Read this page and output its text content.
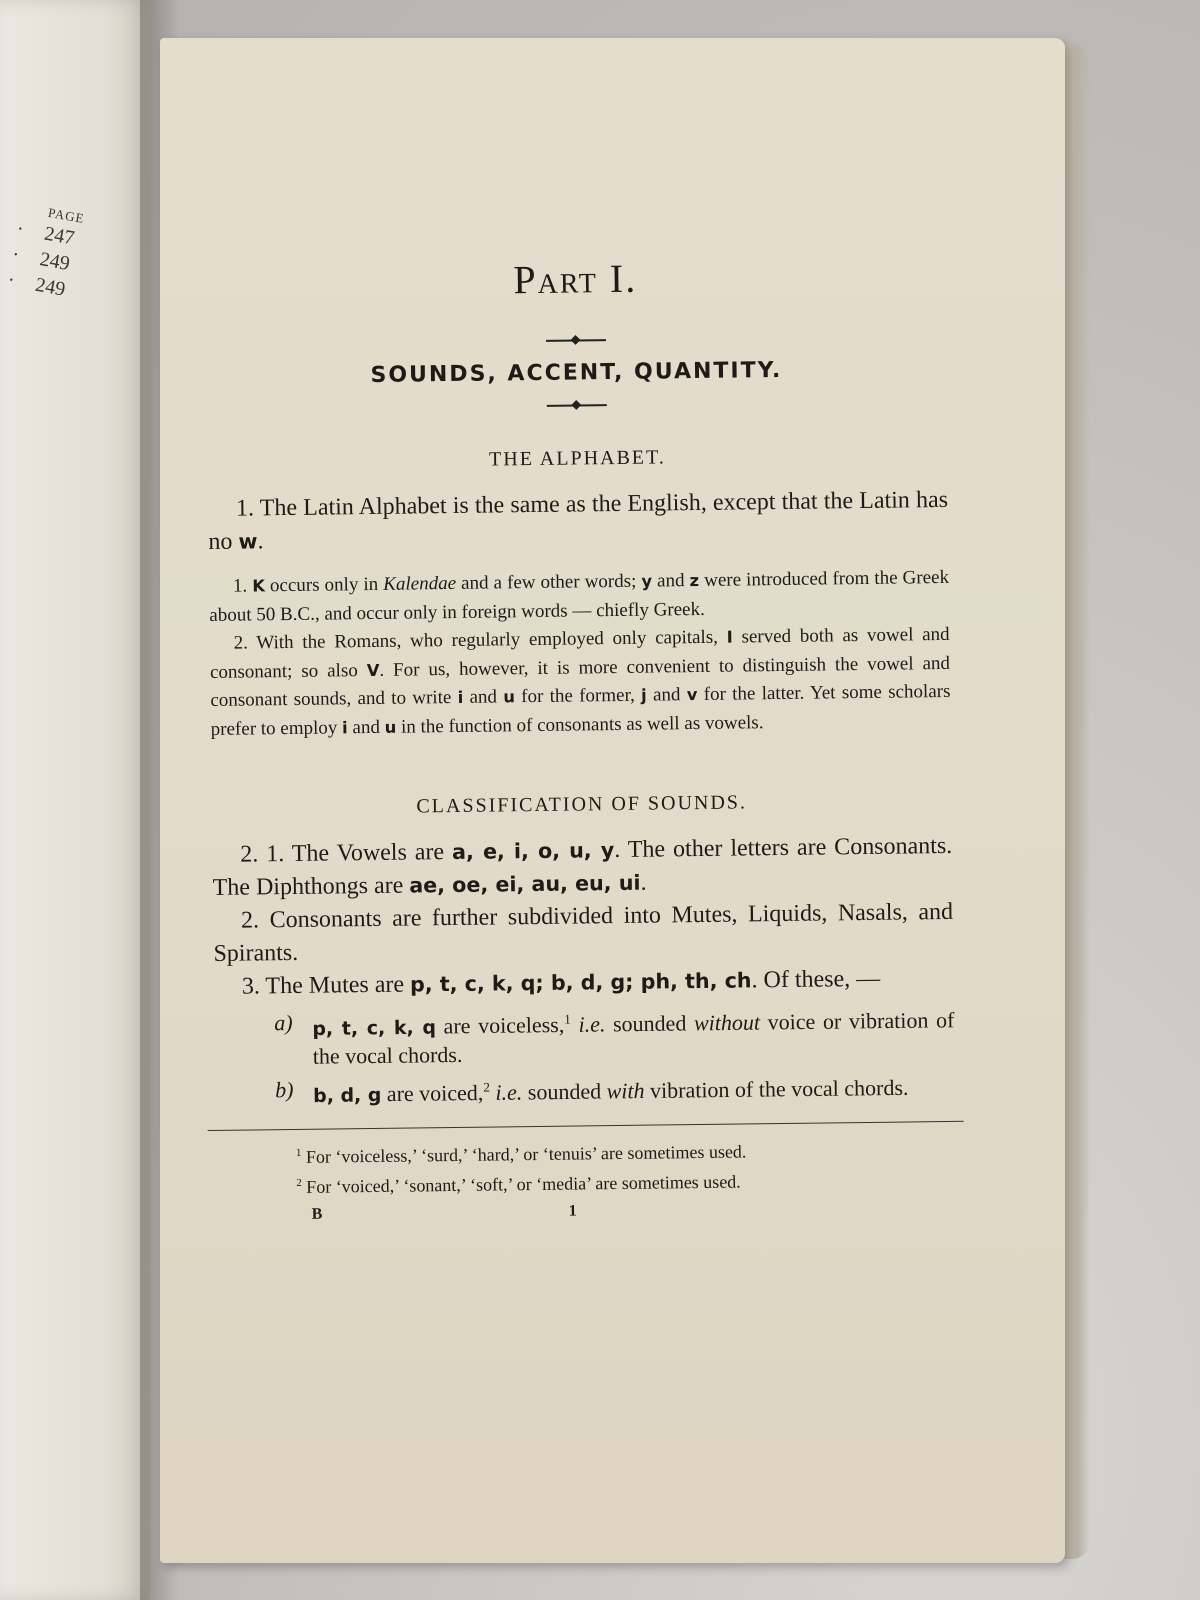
PAGE
· 247
· 249
· 249	Part I.
SOUNDS, ACCENT, QUANTITY.
THE ALPHABET.

1. The Latin Alphabet is the same as the English, except that the Latin has no w.

1. K occurs only in Kalendae and a few other words; y and z were introduced from the Greek about 50 B.C., and occur only in foreign words — chiefly Greek.

2. With the Romans, who regularly employed only capitals, I served both as vowel and consonant; so also V. For us, however, it is more convenient to distinguish the vowel and consonant sounds, and to write i and u for the former, j and v for the latter. Yet some scholars prefer to employ i and u in the function of consonants as well as vowels.

CLASSIFICATION OF SOUNDS.

2. 1. The Vowels are a, e, i, o, u, y. The other letters are Consonants. The Diphthongs are ae, oe, ei, au, eu, ui.

2. Consonants are further subdivided into Mutes, Liquids, Nasals, and Spirants.

3. The Mutes are p, t, c, k, q; b, d, g; ph, th, ch. Of these, —

a)	p, t, c, k, q are voiceless,$^1$ i.e. sounded without voice or vibration of the vocal chords.
b)	b, d, g are voiced,$^2$ i.e. sounded with vibration of the vocal chords.
$^1$ For ‘voiceless,’ ‘surd,’ ‘hard,’ or ‘tenuis’ are sometimes used.
$^2$ For ‘voiced,’ ‘sonant,’ ‘soft,’ or ‘media’ are sometimes used.
B	1
